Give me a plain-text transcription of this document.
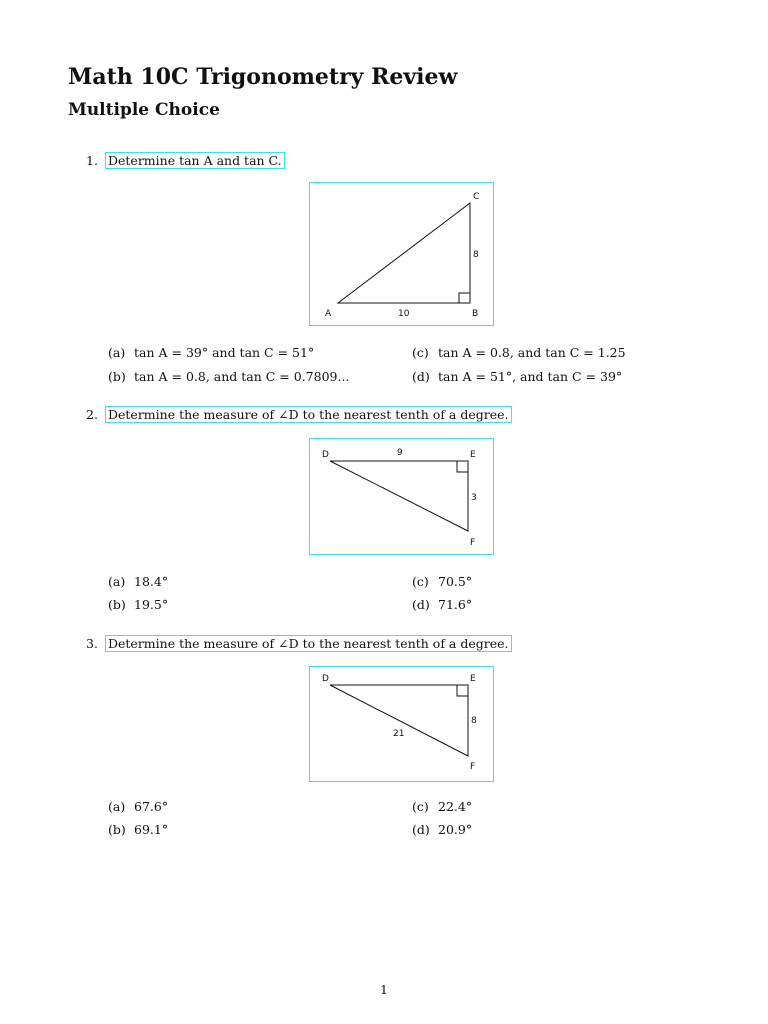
Math 10C Trigonometry Review
Multiple Choice
1. Determine tan A and tan C.
C
A	B
10
8
(a) tan A = 39° and tan C = 51°
(b) tan A = 0.8, and tan C = 0.7809...
(c) tan A = 0.8, and tan C = 1.25
(d) tan A = 51°, and tan C = 39°
2. Determine the measure of ∠D to the nearest tenth of a degree.
D	E
F
9
3
(a) 18.4°
(b) 19.5°
(c) 70.5°
(d) 71.6°
3. Determine the measure of ∠D to the nearest tenth of a degree.
D	E
F
21
8
(a) 67.6°
(b) 69.1°
(c) 22.4°
(d) 20.9°
1
